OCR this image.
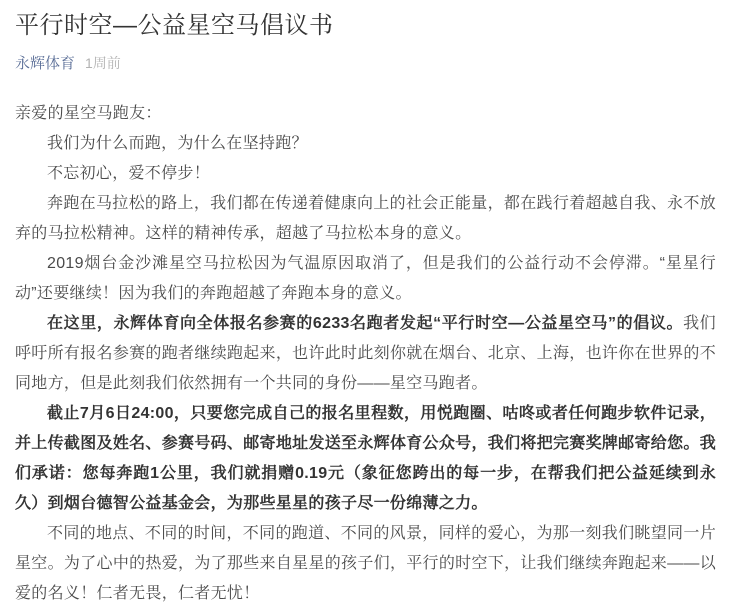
平行时空—公益星空马倡议书
永辉体育 1周前

亲爱的星空马跑友：

我们为什么而跑，为什么在坚持跑？

不忘初心，爱不停步！

奔跑在马拉松的路上，我们都在传递着健康向上的社会正能量，都在践行着超越自我、永不放弃的马拉松精神。这样的精神传承，超越了马拉松本身的意义。

2019烟台金沙滩星空马拉松因为气温原因取消了，但是我们的公益行动不会停滞。“星星行动”还要继续！因为我们的奔跑超越了奔跑本身的意义。

在这里，永辉体育向全体报名参赛的6233名跑者发起“平行时空—公益星空马”的倡议。我们呼吁所有报名参赛的跑者继续跑起来，也许此时此刻你就在烟台、北京、上海，也许你在世界的不同地方，但是此刻我们依然拥有一个共同的身份——星空马跑者。

截止7月6日24:00，只要您完成自己的报名里程数，用悦跑圈、咕咚或者任何跑步软件记录，并上传截图及姓名、参赛号码、邮寄地址发送至永辉体育公众号，我们将把完赛奖牌邮寄给您。我们承诺：您每奔跑1公里，我们就捐赠0.19元（象征您跨出的每一步，在帮我们把公益延续到永久）到烟台德智公益基金会，为那些星星的孩子尽一份绵薄之力。

不同的地点、不同的时间，不同的跑道、不同的风景，同样的爱心，为那一刻我们眺望同一片星空。为了心中的热爱，为了那些来自星星的孩子们，平行的时空下，让我们继续奔跑起来——以爱的名义！仁者无畏，仁者无忧！
